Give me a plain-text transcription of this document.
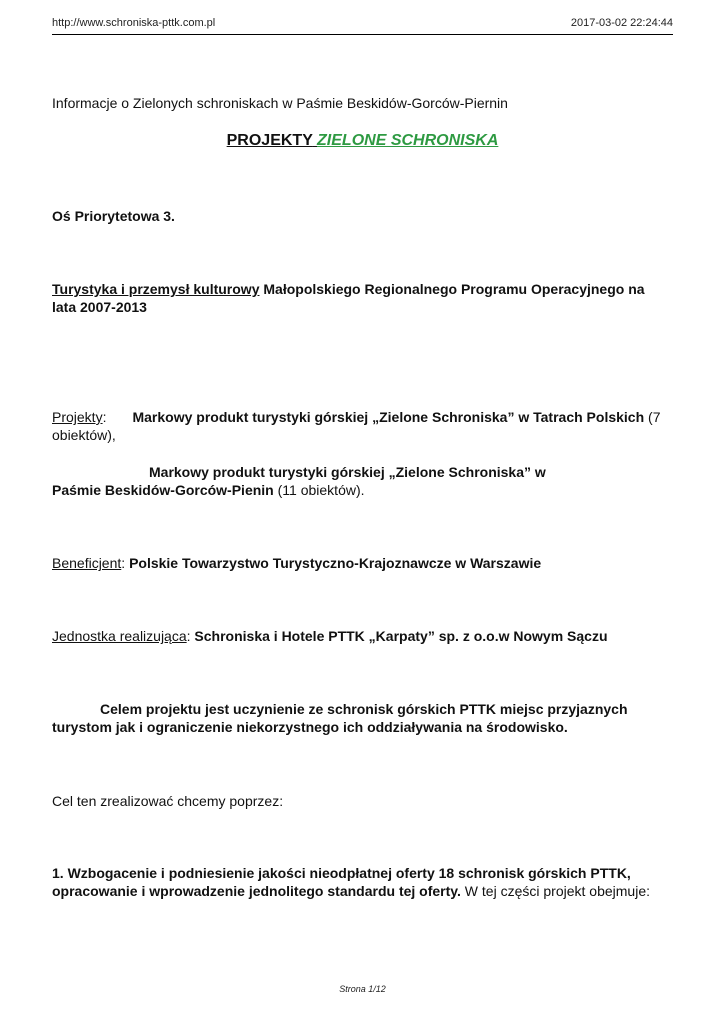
http://www.schroniska-pttk.com.pl	2017-03-02 22:24:44

Informacje o Zielonych schroniskach w Paśmie Beskidów-Gorców-Piernin

PROJEKTY ZIELONE SCHRONISKA

Oś Priorytetowa 3.

Turystyka i przemysł kulturowy Małopolskiego Regionalnego Programu Operacyjnego na lata 2007-2013

Projekty: Markowy produkt turystyki górskiej „Zielone Schroniska” w Tatrach Polskich (7 obiektów),

Markowy produkt turystyki górskiej „Zielone Schroniska” w
Paśmie Beskidów-Gorców-Pienin (11 obiektów).

Beneficjent: Polskie Towarzystwo Turystyczno-Krajoznawcze w Warszawie

Jednostka realizująca: Schroniska i Hotele PTTK „Karpaty” sp. z o.o.w Nowym Sączu

Celem projektu jest uczynienie ze schronisk górskich PTTK miejsc przyjaznych turystom jak i ograniczenie niekorzystnego ich oddziaływania na środowisko.

Cel ten zrealizować chcemy poprzez:

1. Wzbogacenie i podniesienie jakości nieodpłatnej oferty 18 schronisk górskich PTTK, opracowanie i wprowadzenie jednolitego standardu tej oferty. W tej części projekt obejmuje:

Strona 1/12
